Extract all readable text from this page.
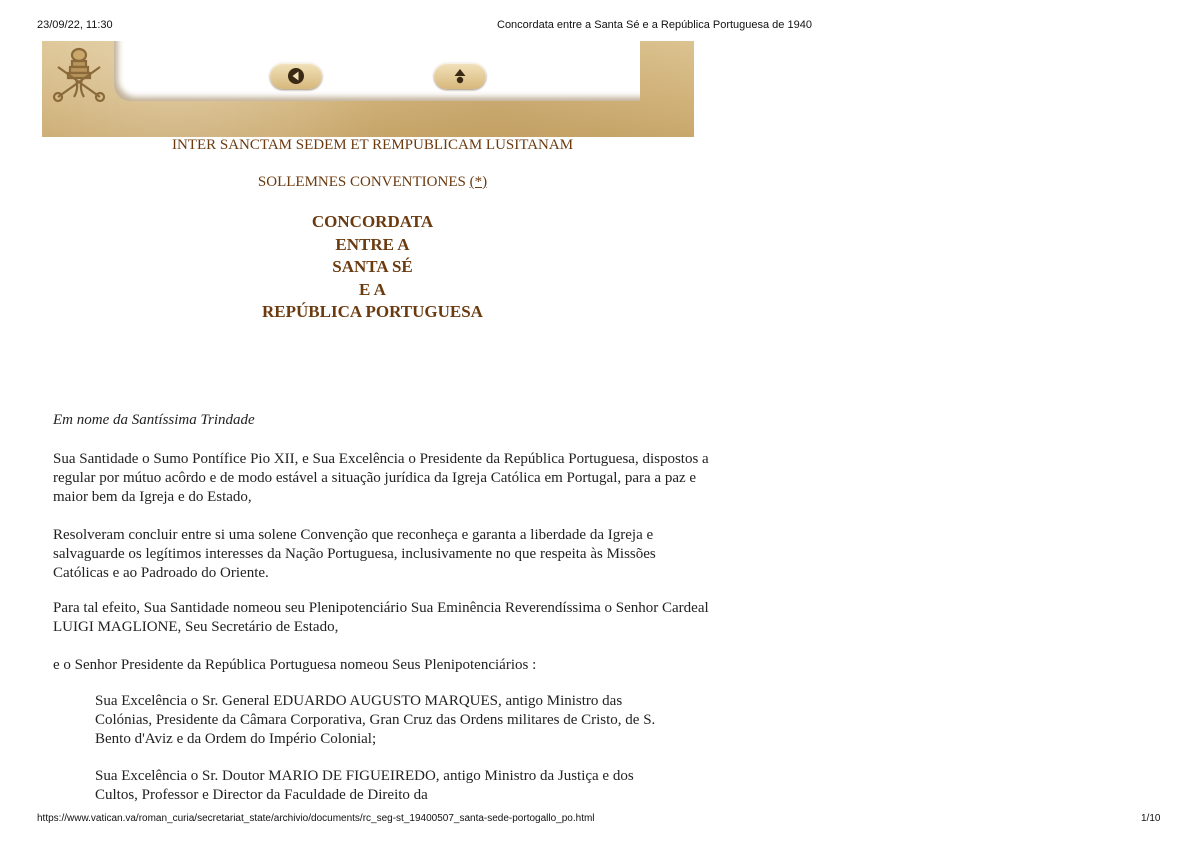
23/09/22, 11:30	Concordata entre a Santa Sé e a República Portuguesa de 1940
INTER SANCTAM SEDEM ET REMPUBLICAM LUSITANAM
SOLLEMNES CONVENTIONES (*)
CONCORDATA
ENTRE A
SANTA SÉ
E A
REPÚBLICA PORTUGUESA
Em nome da Santíssima Trindade
Sua Santidade o Sumo Pontífice Pio XII, e Sua Excelência o Presidente da República Portuguesa, dispostos a regular por mútuo acôrdo e de modo estável a situação jurídica da Igreja Católica em Portugal, para a paz e maior bem da Igreja e do Estado,
Resolveram concluir entre si uma solene Convenção que reconheça e garanta a liberdade da Igreja e salvaguarde os legítimos interesses da Nação Portuguesa, inclusivamente no que respeita às Missões Católicas e ao Padroado do Oriente.
Para tal efeito, Sua Santidade nomeou seu Plenipotenciário Sua Eminência Reverendíssima o Senhor Cardeal LUIGI MAGLIONE, Seu Secretário de Estado,
e o Senhor Presidente da República Portuguesa nomeou Seus Plenipotenciários :
Sua Excelência o Sr. General EDUARDO AUGUSTO MARQUES, antigo Ministro das Colónias, Presidente da Câmara Corporativa, Gran Cruz das Ordens militares de Cristo, de S. Bento d'Aviz e da Ordem do Império Colonial;
Sua Excelência o Sr. Doutor MARIO DE FIGUEIREDO, antigo Ministro da Justiça e dos Cultos, Professor e Director da Faculdade de Direito da
https://www.vatican.va/roman_curia/secretariat_state/archivio/documents/rc_seg-st_19400507_santa-sede-portogallo_po.html	1/10
